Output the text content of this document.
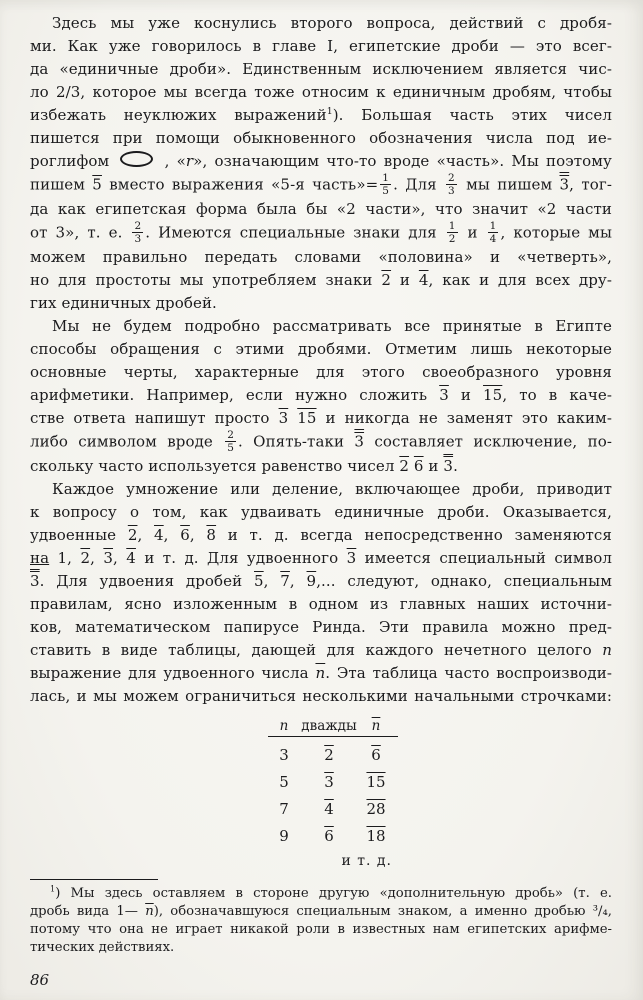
Здесь мы уже коснулись второго вопроса, действий с дробя-
ми. Как уже говорилось в главе I, египетские дроби — это всег-
да «единичные дроби». Единственным исключением является чис-
ло 2/3, которое мы всегда тоже относим к единичным дробям, чтобы
избежать неуклюжих выражений$^1$). Большая часть этих чисел
пишется при помощи обыкновенного обозначения числа под ие-
роглифом	, «r», означающим что-то вроде «часть». Мы поэтому
пишем 5 вместо выражения «5-я часть»= $\frac{1}{5}$ . Для $\frac{2}{3}$ мы пишем 3, тог-
да как египетская форма была бы «2 части», что значит «2 части
от 3», т. е. $\frac{2}{3}$ . Имеются специальные знаки для $\frac{1}{2}$ и $\frac{1}{4}$ , которые мы
можем правильно передать словами «половина» и «четверть»,
но для простоты мы употребляем знаки 2 и 4, как и для всех дру-
гих единичных дробей.
Мы не будем подробно рассматривать все принятые в Египте
способы обращения с этими дробями. Отметим лишь некоторые
основные черты, характерные для этого своеобразного уровня
арифметики. Например, если нужно сложить 3 и 15, то в каче-
стве ответа напишут просто 3 15 и никогда не заменят это каким-
либо символом вроде $\frac{2}{5}$ . Опять-таки 3 составляет исключение, по-
скольку часто используется равенство чисел 2 6 и 3.
Каждое умножение или деление, включающее дроби, приводит
к вопросу о том, как удваивать единичные дроби. Оказывается,
удвоенные 2, 4, 6, 8 и т. д. всегда непосредственно заменяются
на 1, 2, 3, 4 и т. д. Для удвоенного 3 имеется специальный символ
3. Для удвоения дробей 5, 7, 9,... следуют, однако, специальным
правилам, ясно изложенным в одном из главных наших источни-
ков, математическом папирусе Ринда. Эти правила можно пред-
ставить в виде таблицы, дающей для каждого нечетного целого n
выражение для удвоенного числа $\overline{n}$. Эта таблица часто воспроизводи-
лась, и мы можем ограничиться несколькими начальными строчками:
n дважды	$\overline{n}$
3	2	6
5	3	15
7	4	28
9	6	18
и т. д.
$^1$) Мы здесь оставляем в стороне другую «дополнительную дробь» (т. е.
дробь вида 1— $\overline{n}$), обозначавшуюся специальным знаком, а именно дробью ³/₄,
потому что она не играет никакой роли в известных нам египетских арифме-
тических действиях.
86
